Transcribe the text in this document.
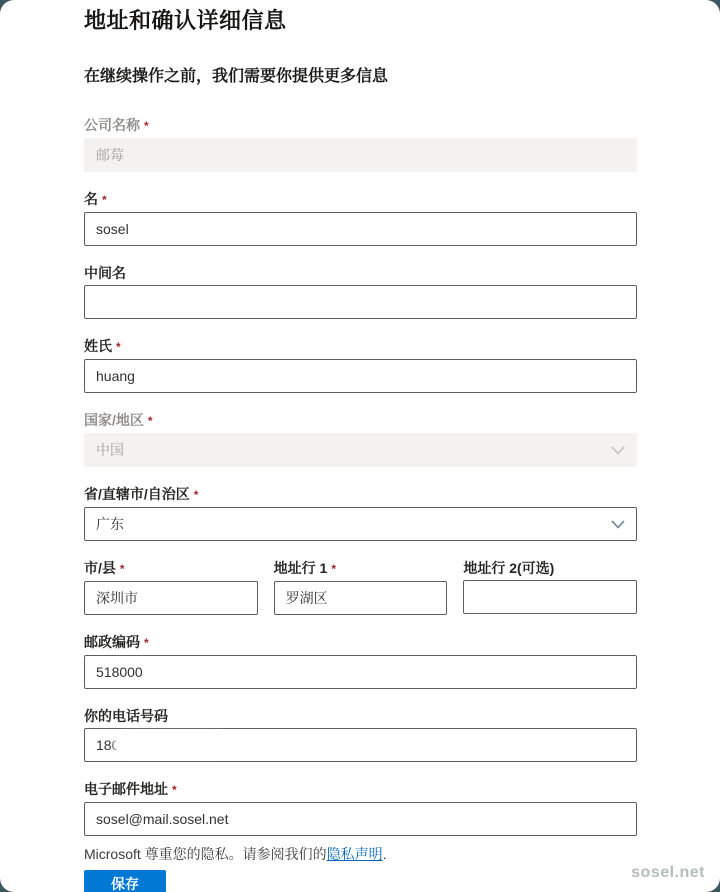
地址和确认详细信息
在继续操作之前，我们需要你提供更多信息
公司名称 *
邮莓
名 *
sosel
中间名
姓氏 *
huang
国家/地区 *
中国
省/直辖市/自治区 *
广东
市/县 *
深圳市	地址行 1 *
罗湖区	地址行 2(可选)
邮政编码 *
518000
你的电话号码
180
电子邮件地址 *
sosel@mail.sosel.net
Microsoft 尊重您的隐私。请参阅我们的隐私声明.
保存
sosel.net
